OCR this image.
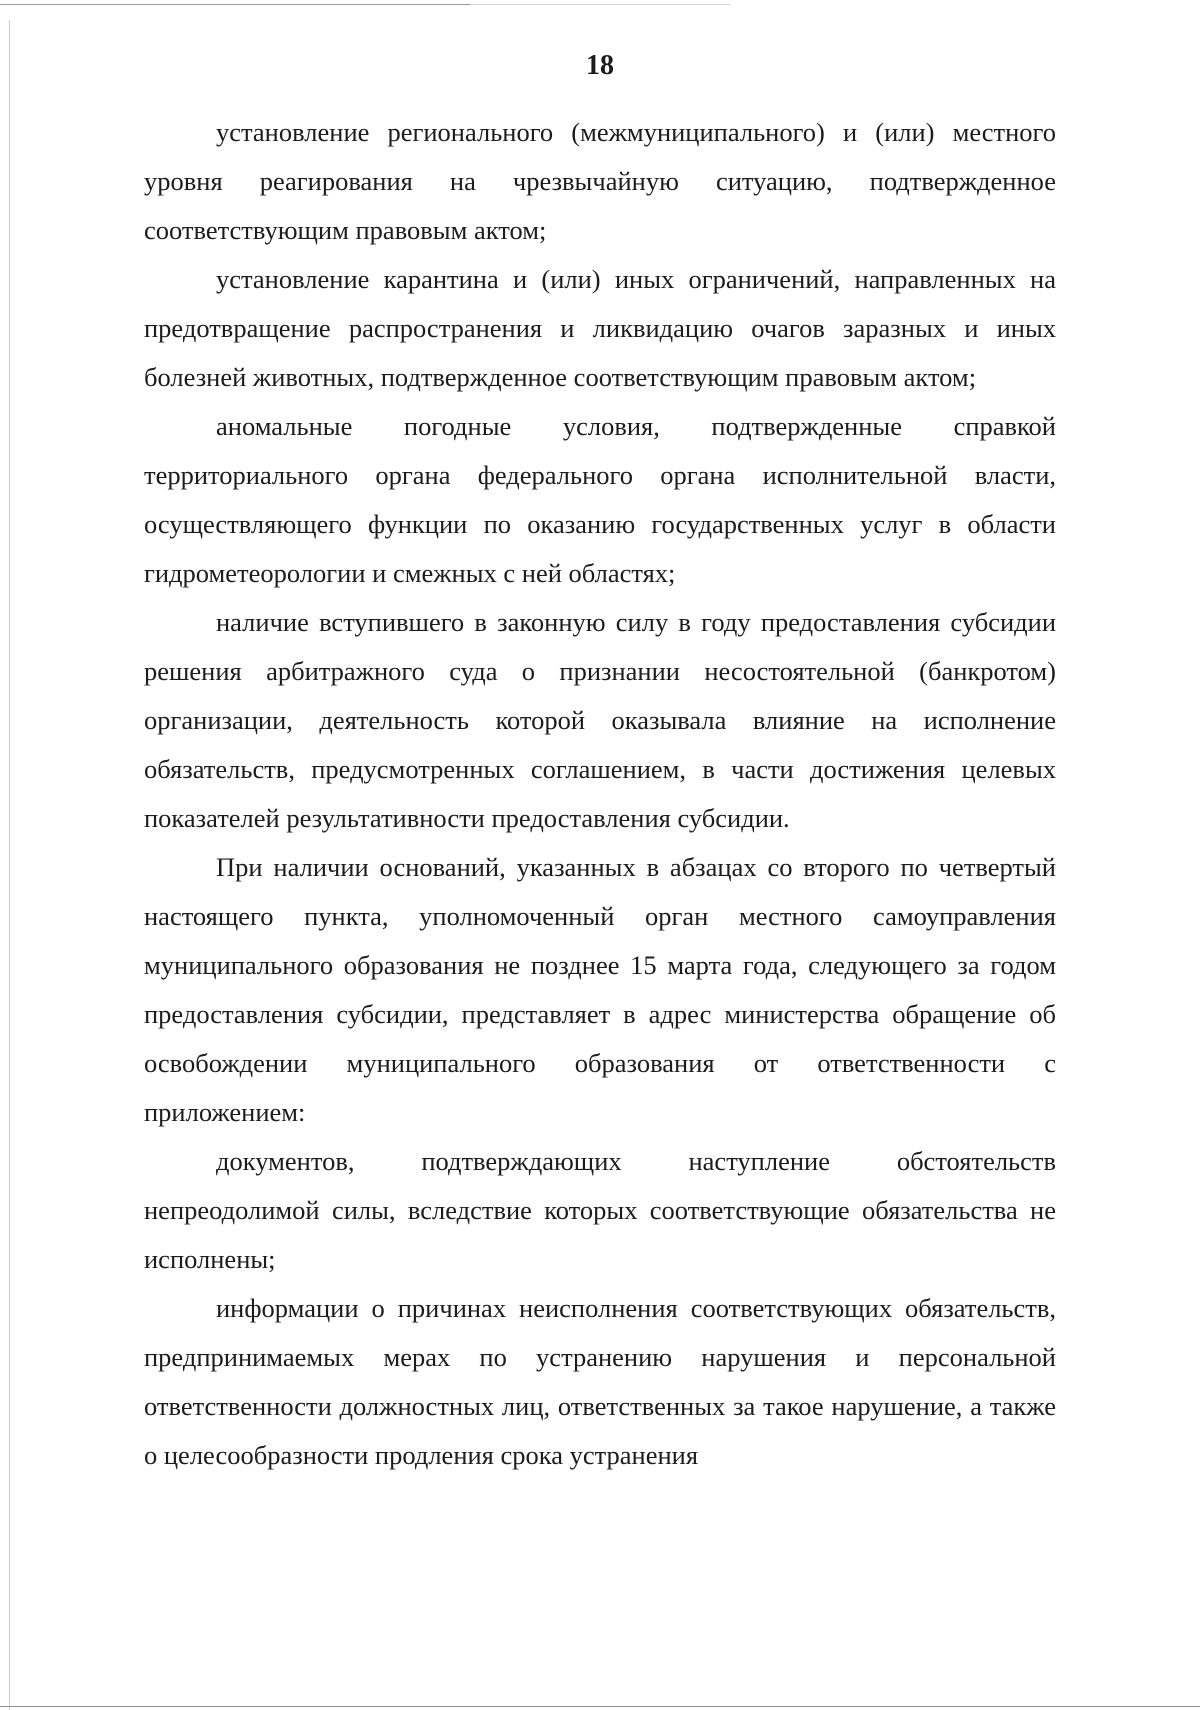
18

установление регионального (межмуниципального) и (или) местного уровня реагирования на чрезвычайную ситуацию, подтвержденное соответствующим правовым актом;

установление карантина и (или) иных ограничений, направленных на предотвращение распространения и ликвидацию очагов заразных и иных болезней животных, подтвержденное соответствующим правовым актом;

аномальные погодные условия, подтвержденные справкой территориального органа федерального органа исполнительной власти, осуществляющего функции по оказанию государственных услуг в области гидрометеорологии и смежных с ней областях;

наличие вступившего в законную силу в году предоставления субсидии решения арбитражного суда о признании несостоятельной (банкротом) организации, деятельность которой оказывала влияние на исполнение обязательств, предусмотренных соглашением, в части достижения целевых показателей результативности предоставления субсидии.

При наличии оснований, указанных в абзацах со второго по четвертый настоящего пункта, уполномоченный орган местного самоуправления муниципального образования не позднее 15 марта года, следующего за годом предоставления субсидии, представляет в адрес министерства обращение об освобождении муниципального образования от ответственности с приложением:

документов, подтверждающих наступление обстоятельств непреодолимой силы, вследствие которых соответствующие обязательства не исполнены;

информации о причинах неисполнения соответствующих обязательств, предпринимаемых мерах по устранению нарушения и персональной ответственности должностных лиц, ответственных за такое нарушение, а также о целесообразности продления срока устранения
